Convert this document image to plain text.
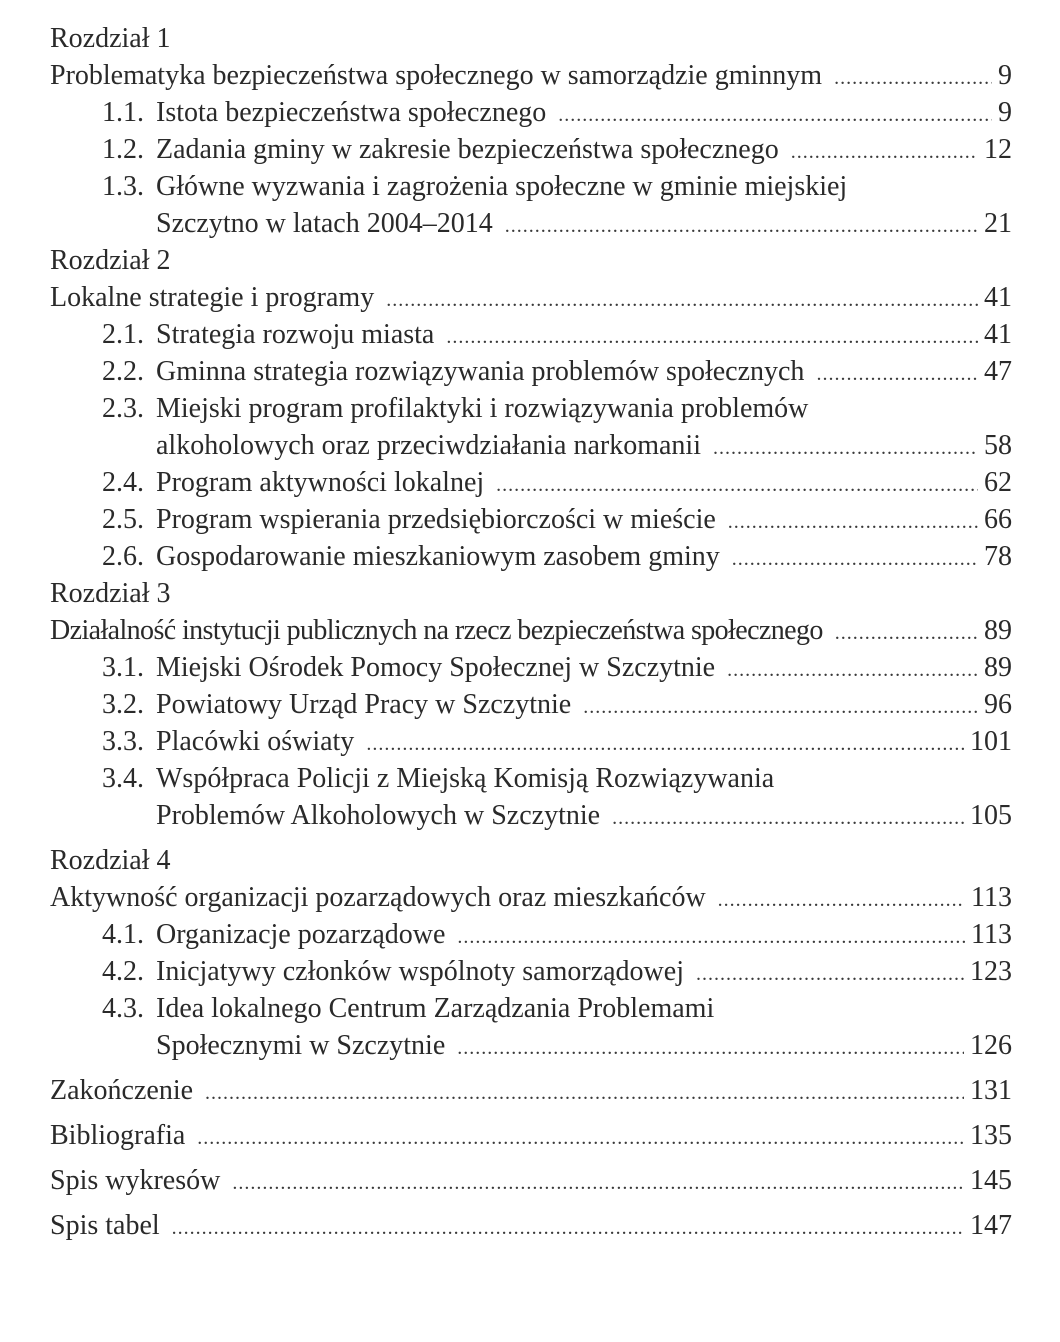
Rozdział 1
Problematyka bezpieczeństwa społecznego w samorządzie gminnym . . .	9
1.1. Istota bezpieczeństwa społecznego . . .	9
1.2. Zadania gminy w zakresie bezpieczeństwa społecznego . . .	12
1.3. Główne wyzwania i zagrożenia społeczne w gminie miejskiej
Szczytno w latach 2004–2014 . . .	21
Rozdział 2
Lokalne strategie i programy . . .	41
2.1. Strategia rozwoju miasta . . .	41
2.2. Gminna strategia rozwiązywania problemów społecznych . . .	47
2.3. Miejski program profilaktyki i rozwiązywania problemów
alkoholowych oraz przeciwdziałania narkomanii . . .	58
2.4. Program aktywności lokalnej . . .	62
2.5. Program wspierania przedsiębiorczości w mieście . . .	66
2.6. Gospodarowanie mieszkaniowym zasobem gminy . . .	78
Rozdział 3
Działalność instytucji publicznych na rzecz bezpieczeństwa społecznego . . .	89
3.1. Miejski Ośrodek Pomocy Społecznej w Szczytnie . . .	89
3.2. Powiatowy Urząd Pracy w Szczytnie . . .	96
3.3. Placówki oświaty . . .	101
3.4. Współpraca Policji z Miejską Komisją Rozwiązywania
Problemów Alkoholowych w Szczytnie . . .	105
Rozdział 4
Aktywność organizacji pozarządowych oraz mieszkańców . . .	113
4.1. Organizacje pozarządowe . . .	113
4.2. Inicjatywy członków wspólnoty samorządowej . . .	123
4.3. Idea lokalnego Centrum Zarządzania Problemami
Społecznymi w Szczytnie . . .	126
Zakończenie . . .	131
Bibliografia . . .	135
Spis wykresów . . .	145
Spis tabel . . .	147
